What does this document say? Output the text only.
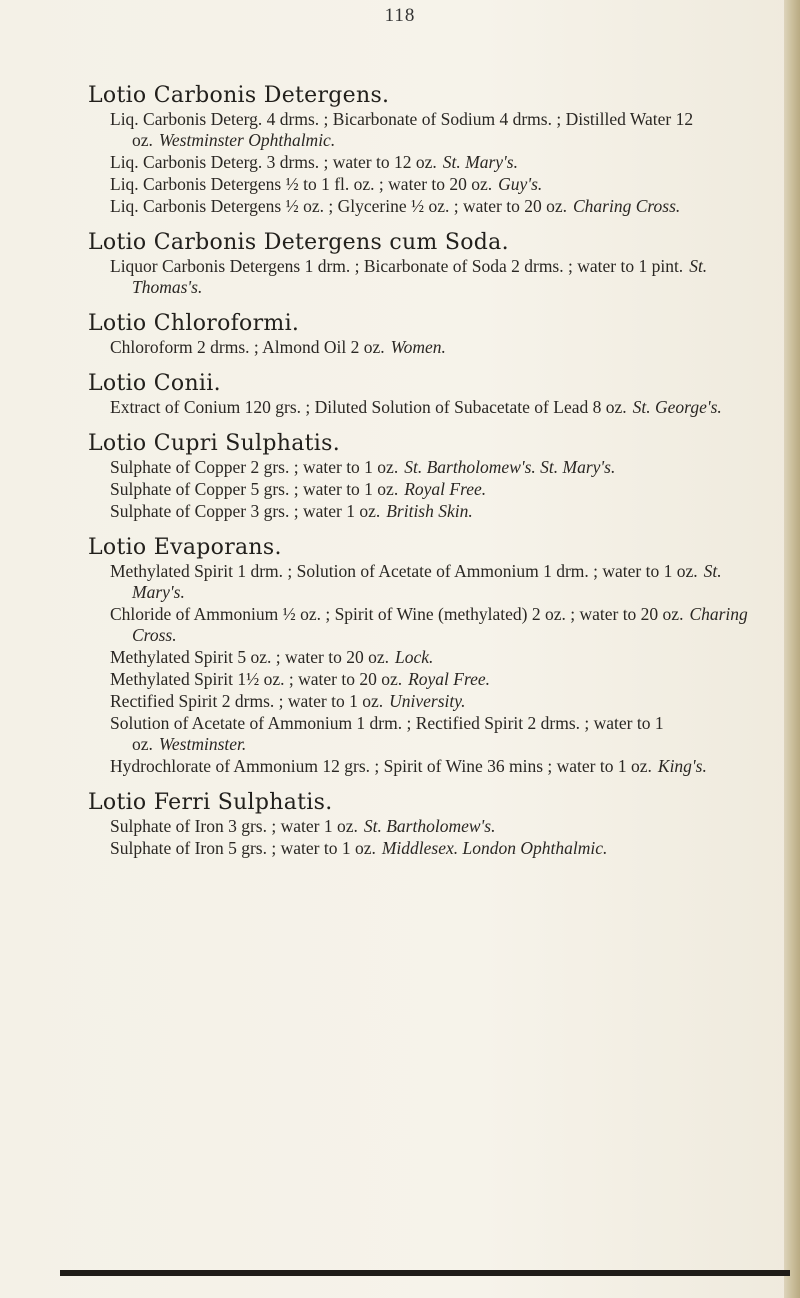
118
Lotio Carbonis Detergens.
Liq. Carbonis Deterg. 4 drms. ; Bicarbonate of Sodium 4 drms. ; Distilled Water 12 oz. Westminster Ophthalmic.
Liq. Carbonis Deterg. 3 drms. ; water to 12 oz. St. Mary's.
Liq. Carbonis Detergens ½ to 1 fl. oz. ; water to 20 oz. Guy's.
Liq. Carbonis Detergens ½ oz. ; Glycerine ½ oz. ; water to 20 oz. Charing Cross.
Lotio Carbonis Detergens cum Soda.
Liquor Carbonis Detergens 1 drm. ; Bicarbonate of Soda 2 drms. ; water to 1 pint. St. Thomas's.
Lotio Chloroformi.
Chloroform 2 drms. ; Almond Oil 2 oz. Women.
Lotio Conii.
Extract of Conium 120 grs. ; Diluted Solution of Subacetate of Lead 8 oz. St. George's.
Lotio Cupri Sulphatis.
Sulphate of Copper 2 grs. ; water to 1 oz. St. Bartholomew's. St. Mary's.
Sulphate of Copper 5 grs. ; water to 1 oz. Royal Free.
Sulphate of Copper 3 grs. ; water 1 oz. British Skin.
Lotio Evaporans.
Methylated Spirit 1 drm. ; Solution of Acetate of Ammonium 1 drm. ; water to 1 oz. St. Mary's.
Chloride of Ammonium ½ oz. ; Spirit of Wine (methylated) 2 oz. ; water to 20 oz. Charing Cross.
Methylated Spirit 5 oz. ; water to 20 oz. Lock.
Methylated Spirit 1½ oz. ; water to 20 oz. Royal Free.
Rectified Spirit 2 drms. ; water to 1 oz. University.
Solution of Acetate of Ammonium 1 drm. ; Rectified Spirit 2 drms. ; water to 1 oz. Westminster.
Hydrochlorate of Ammonium 12 grs. ; Spirit of Wine 36 mins ; water to 1 oz. King's.
Lotio Ferri Sulphatis.
Sulphate of Iron 3 grs. ; water 1 oz. St. Bartholomew's.
Sulphate of Iron 5 grs. ; water to 1 oz. Middlesex. London Ophthalmic.
